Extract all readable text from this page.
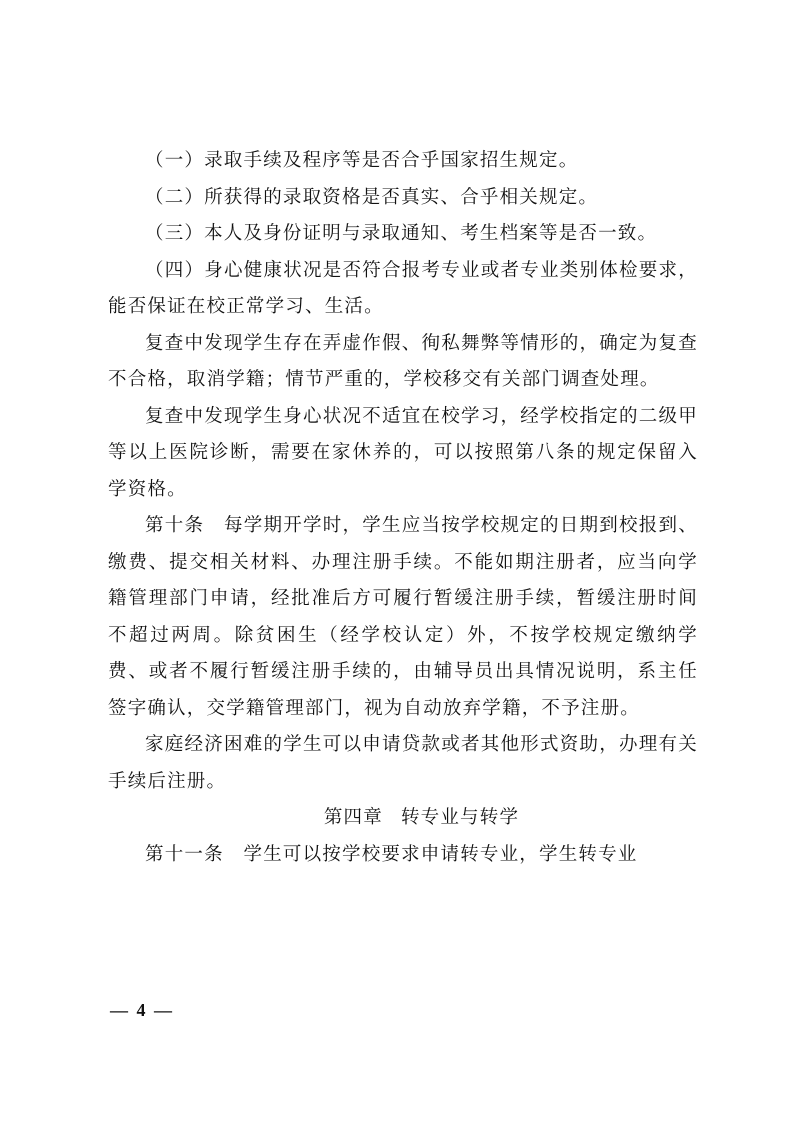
（一）录取手续及程序等是否合乎国家招生规定。

（二）所获得的录取资格是否真实、合乎相关规定。

（三）本人及身份证明与录取通知、考生档案等是否一致。

（四）身心健康状况是否符合报考专业或者专业类别体检要求，能否保证在校正常学习、生活。

复查中发现学生存在弄虚作假、徇私舞弊等情形的，确定为复查不合格，取消学籍；情节严重的，学校移交有关部门调查处理。

复查中发现学生身心状况不适宜在校学习，经学校指定的二级甲等以上医院诊断，需要在家休养的，可以按照第八条的规定保留入学资格。

第十条　每学期开学时，学生应当按学校规定的日期到校报到、缴费、提交相关材料、办理注册手续。不能如期注册者，应当向学籍管理部门申请，经批准后方可履行暂缓注册手续，暂缓注册时间不超过两周。除贫困生（经学校认定）外，不按学校规定缴纳学费、或者不履行暂缓注册手续的，由辅导员出具情况说明，系主任签字确认，交学籍管理部门，视为自动放弃学籍，不予注册。

家庭经济困难的学生可以申请贷款或者其他形式资助，办理有关手续后注册。

第四章 转专业与转学

第十一条　学生可以按学校要求申请转专业，学生转专业

— 4 —
